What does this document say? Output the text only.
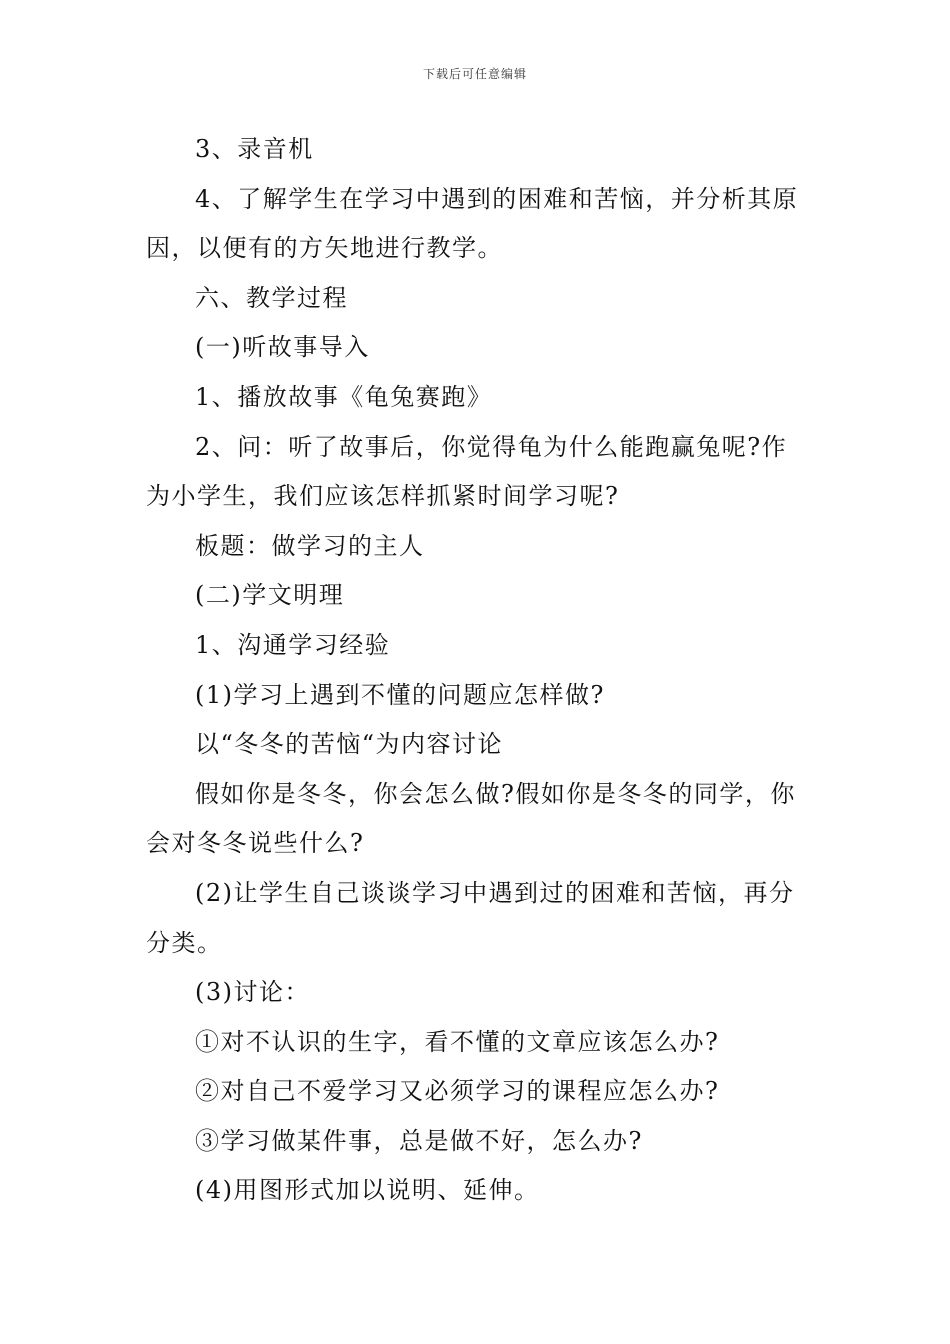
下载后可任意编辑

3、录音机

4、了解学生在学习中遇到的困难和苦恼，并分析其原因，以便有的方矢地进行教学。

六、教学过程

(一)听故事导入

1、播放故事《龟兔赛跑》

2、问：听了故事后，你觉得龟为什么能跑赢兔呢?作为小学生，我们应该怎样抓紧时间学习呢?

板题：做学习的主人

(二)学文明理

1、沟通学习经验

(1)学习上遇到不懂的问题应怎样做?

以“冬冬的苦恼“为内容讨论

假如你是冬冬，你会怎么做?假如你是冬冬的同学，你会对冬冬说些什么?

(2)让学生自己谈谈学习中遇到过的困难和苦恼，再分分类。

(3)讨论：

①对不认识的生字，看不懂的文章应该怎么办?

②对自己不爱学习又必须学习的课程应怎么办?

③学习做某件事，总是做不好，怎么办?

(4)用图形式加以说明、延伸。
